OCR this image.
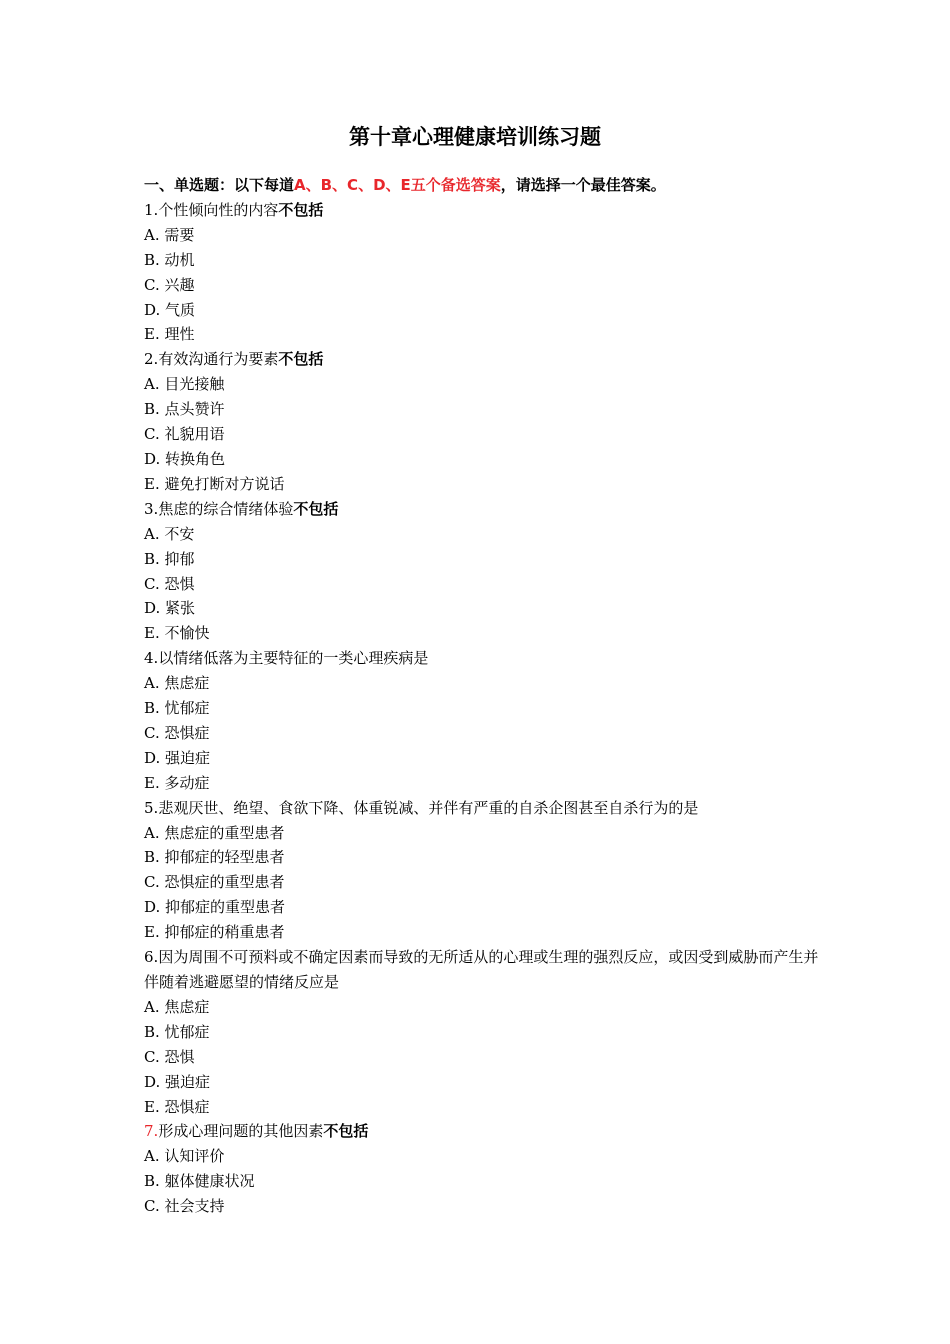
第十章心理健康培训练习题
一、单选题：以下每道A、B、C、D、E五个备选答案，请选择一个最佳答案。
1.个性倾向性的内容不包括
A. 需要
B. 动机
C. 兴趣
D. 气质
E. 理性
2.有效沟通行为要素不包括
A. 目光接触
B. 点头赞许
C. 礼貌用语
D. 转换角色
E. 避免打断对方说话
3.焦虑的综合情绪体验不包括
A. 不安
B. 抑郁
C. 恐惧
D. 紧张
E. 不愉快
4.以情绪低落为主要特征的一类心理疾病是
A. 焦虑症
B. 忧郁症
C. 恐惧症
D. 强迫症
E. 多动症
5.悲观厌世、绝望、食欲下降、体重锐减、并伴有严重的自杀企图甚至自杀行为的是
A. 焦虑症的重型患者
B. 抑郁症的轻型患者
C. 恐惧症的重型患者
D. 抑郁症的重型患者
E. 抑郁症的稍重患者
6.因为周围不可预料或不确定因素而导致的无所适从的心理或生理的强烈反应，或因受到威胁而产生并伴随着逃避愿望的情绪反应是
A. 焦虑症
B. 忧郁症
C. 恐惧
D. 强迫症
E. 恐惧症
7.形成心理问题的其他因素不包括
A. 认知评价
B. 躯体健康状况
C. 社会支持
